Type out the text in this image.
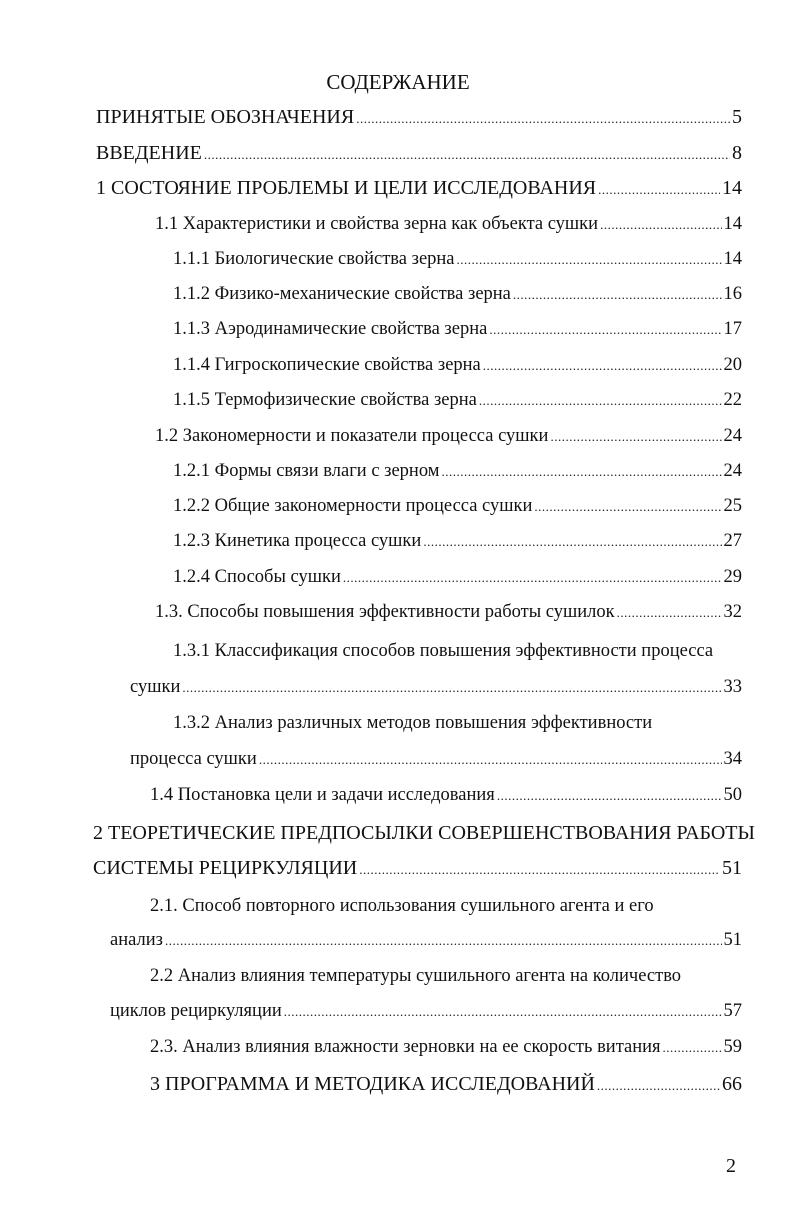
СОДЕРЖАНИЕ
ПРИНЯТЫЕ ОБОЗНАЧЕНИЯ .....	5
ВВЕДЕНИЕ .....	8
1 СОСТОЯНИЕ ПРОБЛЕМЫ И ЦЕЛИ ИССЛЕДОВАНИЯ .....	14
1.1 Характеристики и свойства зерна как объекта сушки .....	14
1.1.1 Биологические свойства зерна .....	14
1.1.2 Физико-механические свойства зерна .....	16
1.1.3 Аэродинамические свойства зерна .....	17
1.1.4 Гигроскопические свойства зерна .....	20
1.1.5 Термофизические свойства зерна .....	22
1.2 Закономерности и показатели процесса сушки .....	24
1.2.1 Формы связи влаги с зерном .....	24
1.2.2 Общие закономерности процесса сушки .....	25
1.2.3 Кинетика процесса сушки .....	27
1.2.4 Способы сушки .....	29
1.3. Способы повышения эффективности работы сушилок .....	32
1.3.1 Классификация способов повышения эффективности процесса
сушки .....	33
1.3.2 Анализ различных методов повышения эффективности
процесса сушки .....	34
1.4 Постановка цели и задачи исследования .....	50
2 ТЕОРЕТИЧЕСКИЕ ПРЕДПОСЫЛКИ СОВЕРШЕНСТВОВАНИЯ РАБОТЫ
СИСТЕМЫ РЕЦИРКУЛЯЦИИ .....	51
2.1. Способ повторного использования сушильного агента и его
анализ .....	51
2.2 Анализ влияния температуры сушильного агента на количество
циклов рециркуляции .....	57
2.3. Анализ влияния влажности зерновки на ее скорость витания .....	59
3 ПРОГРАММА И МЕТОДИКА ИССЛЕДОВАНИЙ .....	66
2
